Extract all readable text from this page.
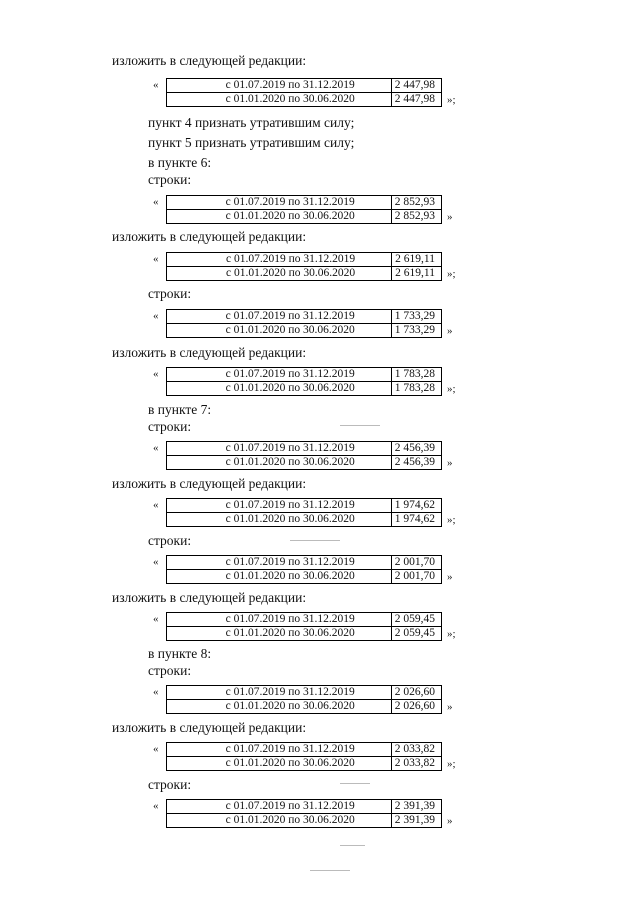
изложить в следующей редакции:
пункт 4 признать утратившим силу;
пункт 5 признать утратившим силу;
в пункте 6:
строки:
изложить в следующей редакции:
строки:
изложить в следующей редакции:
в пункте 7:
строки:
изложить в следующей редакции:
строки:
изложить в следующей редакции:
в пункте 8:
строки:
изложить в следующей редакции:
строки:
«	с 01.07.2019 по 31.12.2019	2 447,98
с 01.01.2020 по 30.06.2020	2 447,98 »;
«	с 01.07.2019 по 31.12.2019	2 852,93
с 01.01.2020 по 30.06.2020	2 852,93 »
«	с 01.07.2019 по 31.12.2019	2 619,11
с 01.01.2020 по 30.06.2020	2 619,11 »;
«	с 01.07.2019 по 31.12.2019	1 733,29
с 01.01.2020 по 30.06.2020	1 733,29 »
«	с 01.07.2019 по 31.12.2019	1 783,28
с 01.01.2020 по 30.06.2020	1 783,28 »;
«	с 01.07.2019 по 31.12.2019	2 456,39
с 01.01.2020 по 30.06.2020	2 456,39 »
«	с 01.07.2019 по 31.12.2019	1 974,62
с 01.01.2020 по 30.06.2020	1 974,62 »;
«	с 01.07.2019 по 31.12.2019	2 001,70
с 01.01.2020 по 30.06.2020	2 001,70 »
«	с 01.07.2019 по 31.12.2019	2 059,45
с 01.01.2020 по 30.06.2020	2 059,45 »;
«	с 01.07.2019 по 31.12.2019	2 026,60
с 01.01.2020 по 30.06.2020	2 026,60 »
«	с 01.07.2019 по 31.12.2019	2 033,82
с 01.01.2020 по 30.06.2020	2 033,82 »;
«	с 01.07.2019 по 31.12.2019	2 391,39
с 01.01.2020 по 30.06.2020	2 391,39 »
